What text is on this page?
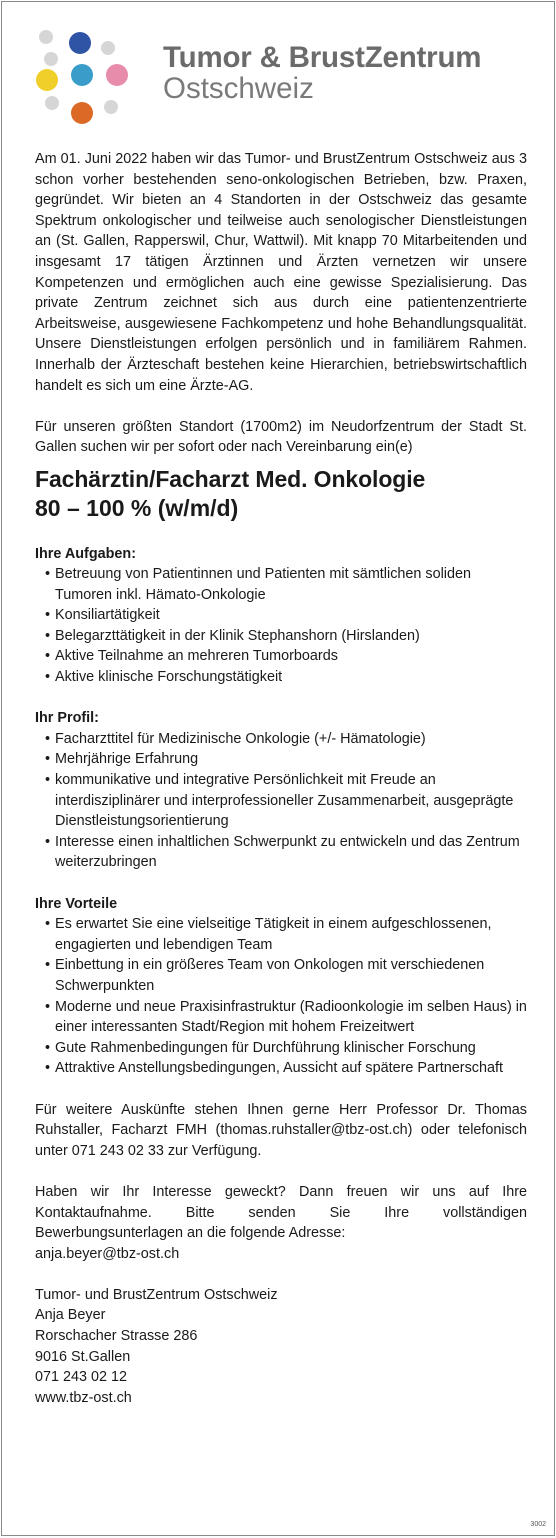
Tumor & BrustZentrum
Ostschweiz

Am 01. Juni 2022 haben wir das Tumor- und BrustZentrum Ostschweiz aus 3 schon vorher bestehenden seno-onkologischen Betrieben, bzw. Praxen, gegründet. Wir bieten an 4 Standorten in der Ostschweiz das gesamte Spektrum onkologischer und teilweise auch senologischer Dienstleistungen an (St. Gallen, Rapperswil, Chur, Wattwil). Mit knapp 70 Mitarbeitenden und insgesamt 17 tätigen Ärztinnen und Ärzten vernetzen wir unsere Kompetenzen und ermöglichen auch eine gewisse Spezialisierung. Das private Zentrum zeichnet sich aus durch eine patientenzentrierte Arbeitsweise, ausgewiesene Fachkompetenz und hohe Behandlungsqualität. Unsere Dienstleistungen erfolgen persönlich und in familiärem Rahmen. Innerhalb der Ärzteschaft bestehen keine Hierarchien, betriebswirtschaftlich handelt es sich um eine Ärzte-AG.

Für unseren größten Standort (1700m2) im Neudorfzentrum der Stadt St. Gallen suchen wir per sofort oder nach Vereinbarung ein(e)

Fachärztin/Facharzt Med. Onkologie
80 – 100 % (w/m/d)

Ihre Aufgaben:

• Betreuung von Patientinnen und Patienten mit sämtlichen soliden Tumoren inkl. Hämato-Onkologie
• Konsiliartätigkeit
• Belegarzttätigkeit in der Klinik Stephanshorn (Hirslanden)
• Aktive Teilnahme an mehreren Tumorboards
• Aktive klinische Forschungstätigkeit

Ihr Profil:

• Facharzttitel für Medizinische Onkologie (+/- Hämatologie)
• Mehrjährige Erfahrung
• kommunikative und integrative Persönlichkeit mit Freude an interdisziplinärer und interprofessioneller Zusammenarbeit, ausgeprägte Dienstleistungsorientierung
• Interesse einen inhaltlichen Schwerpunkt zu entwickeln und das Zentrum weiterzubringen

Ihre Vorteile

• Es erwartet Sie eine vielseitige Tätigkeit in einem aufgeschlossenen, engagierten und lebendigen Team
• Einbettung in ein größeres Team von Onkologen mit verschiedenen Schwerpunkten
• Moderne und neue Praxisinfrastruktur (Radioonkologie im selben Haus) in einer interessanten Stadt/Region mit hohem Freizeitwert
• Gute Rahmenbedingungen für Durchführung klinischer Forschung
• Attraktive Anstellungsbedingungen, Aussicht auf spätere Partnerschaft

Für weitere Auskünfte stehen Ihnen gerne Herr Professor Dr. Thomas Ruhstaller, Facharzt FMH (thomas.ruhstaller@tbz-ost.ch) oder telefonisch unter 071 243 02 33 zur Verfügung.

Haben wir Ihr Interesse geweckt? Dann freuen wir uns auf Ihre Kontaktaufnahme. Bitte senden Sie Ihre vollständigen Bewerbungsunterlagen an die folgende Adresse:

anja.beyer@tbz-ost.ch

Tumor- und BrustZentrum Ostschweiz

Anja Beyer

Rorschacher Strasse 286

9016 St.Gallen

071 243 02 12

www.tbz-ost.ch

3002
